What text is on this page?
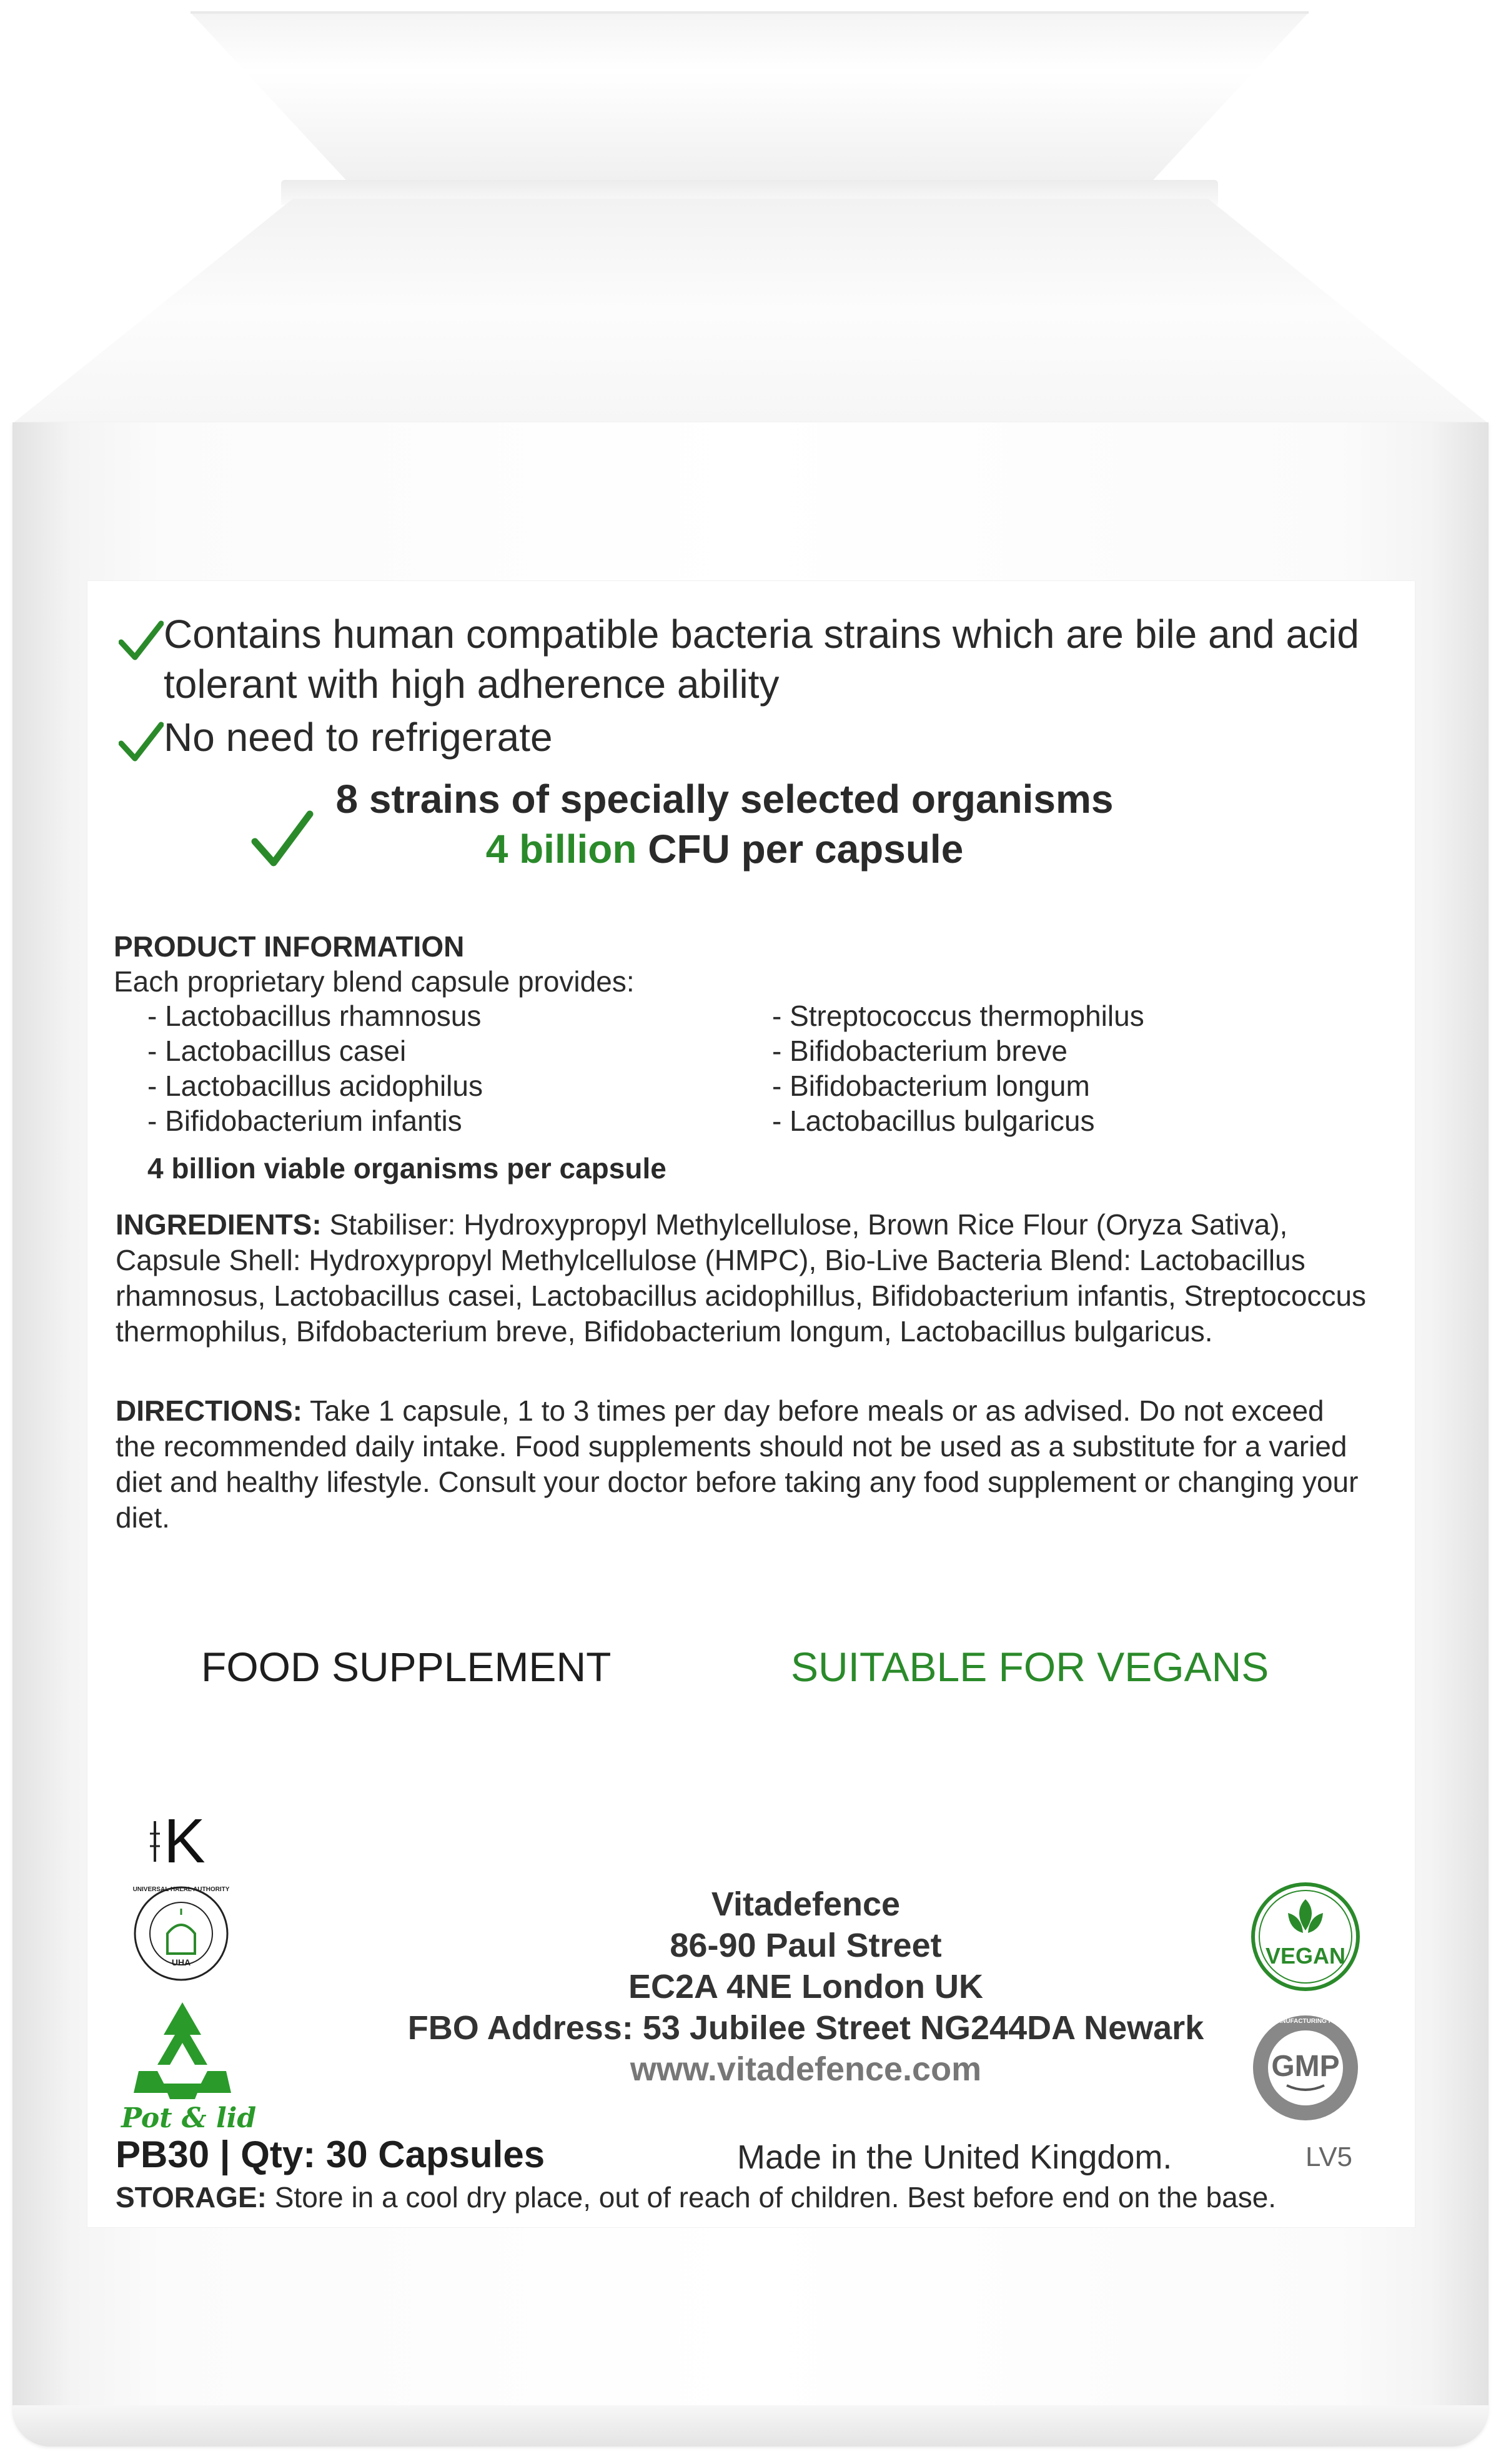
Contains human compatible bacteria strains which are bile and acid tolerant with high adherence ability
No need to refrigerate
8 strains of specially selected organisms
4 billion CFU per capsule
PRODUCT INFORMATION
Each proprietary blend capsule provides:
- Lactobacillus rhamnosus
- Lactobacillus casei
- Lactobacillus acidophilus
- Bifidobacterium infantis
- Streptococcus thermophilus
- Bifidobacterium breve
- Bifidobacterium longum
- Lactobacillus bulgaricus
4 billion viable organisms per capsule
INGREDIENTS: Stabiliser: Hydroxypropyl Methylcellulose, Brown Rice Flour (Oryza Sativa), Capsule Shell: Hydroxypropyl Methylcellulose (HMPC), Bio-Live Bacteria Blend: Lactobacillus rhamnosus, Lactobacillus casei, Lactobacillus acidophillus, Bifidobacterium infantis, Streptococcus thermophilus, Bifdobacterium breve, Bifidobacterium longum, Lactobacillus bulgaricus.
DIRECTIONS: Take 1 capsule, 1 to 3 times per day before meals or as advised. Do not exceed the recommended daily intake. Food supplements should not be used as a substitute for a varied diet and healthy lifestyle. Consult your doctor before taking any food supplement or changing your diet.
FOOD SUPPLEMENT	SUITABLE FOR VEGANS
K
UNIVERSAL HALAL AUTHORITY
UHA
Pot & lid
Vitadefence
86-90 Paul Street
EC2A 4NE London UK
FBO Address: 53 Jubilee Street NG244DA Newark
www.vitadefence.com
VEGAN
GMP
GOOD MANUFACTURING PRACTICE
PB30 | Qty: 30 Capsules	Made in the United Kingdom.	LV5
STORAGE: Store in a cool dry place, out of reach of children. Best before end on the base.
